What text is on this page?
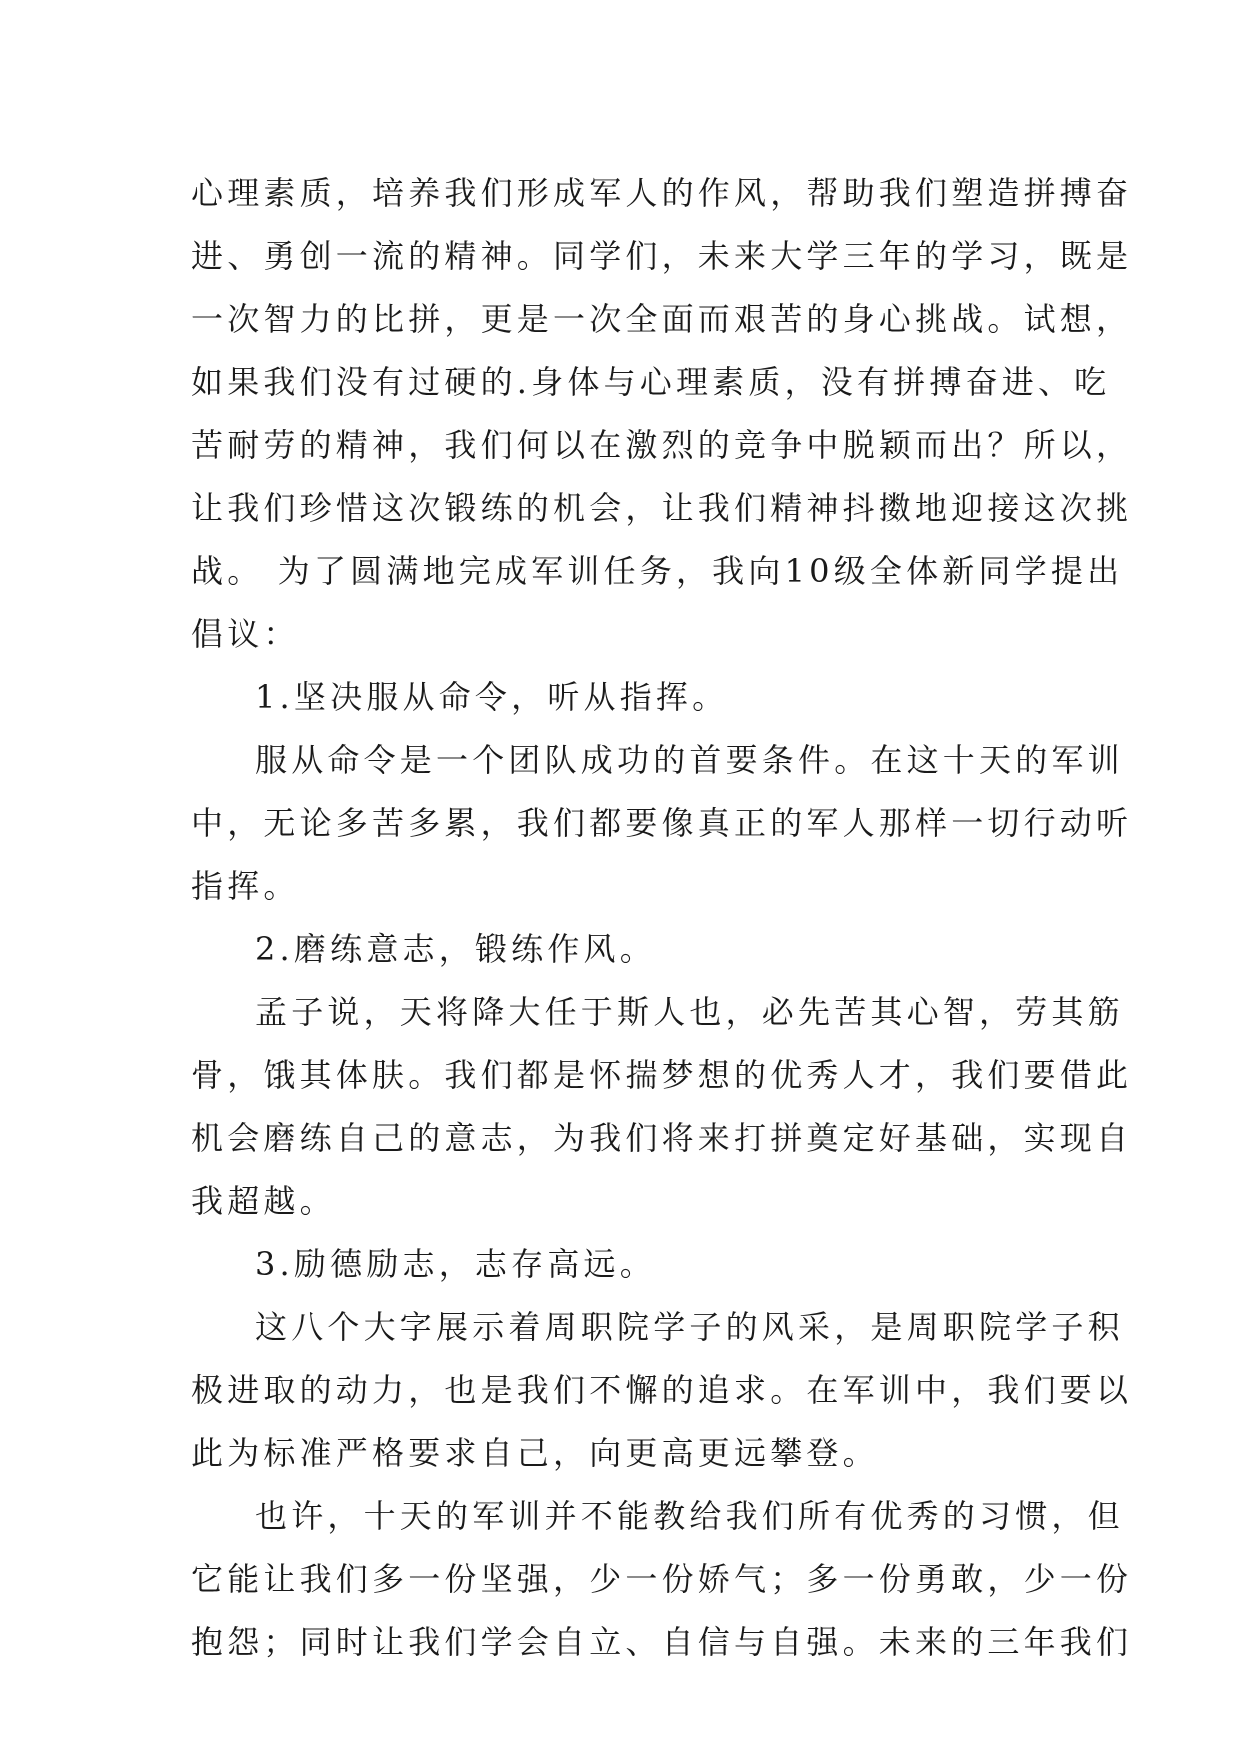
心理素质，培养我们形成军人的作风，帮助我们塑造拼搏奋
进、勇创一流的精神。同学们，未来大学三年的学习，既是
一次智力的比拼，更是一次全面而艰苦的身心挑战。试想，
如果我们没有过硬的.身体与心理素质，没有拼搏奋进、吃
苦耐劳的精神，我们何以在激烈的竞争中脱颖而出？所以，
让我们珍惜这次锻练的机会，让我们精神抖擞地迎接这次挑
战。 为了圆满地完成军训任务，我向10级全体新同学提出
倡议：
1.坚决服从命令，听从指挥。
服从命令是一个团队成功的首要条件。在这十天的军训
中，无论多苦多累，我们都要像真正的军人那样一切行动听
指挥。
2.磨练意志，锻练作风。
孟子说，天将降大任于斯人也，必先苦其心智，劳其筋
骨，饿其体肤。我们都是怀揣梦想的优秀人才，我们要借此
机会磨练自己的意志，为我们将来打拼奠定好基础，实现自
我超越。
3.励德励志，志存高远。
这八个大字展示着周职院学子的风采，是周职院学子积
极进取的动力，也是我们不懈的追求。在军训中，我们要以
此为标准严格要求自己，向更高更远攀登。
也许，十天的军训并不能教给我们所有优秀的习惯，但
它能让我们多一份坚强，少一份娇气；多一份勇敢，少一份
抱怨；同时让我们学会自立、自信与自强。未来的三年我们
